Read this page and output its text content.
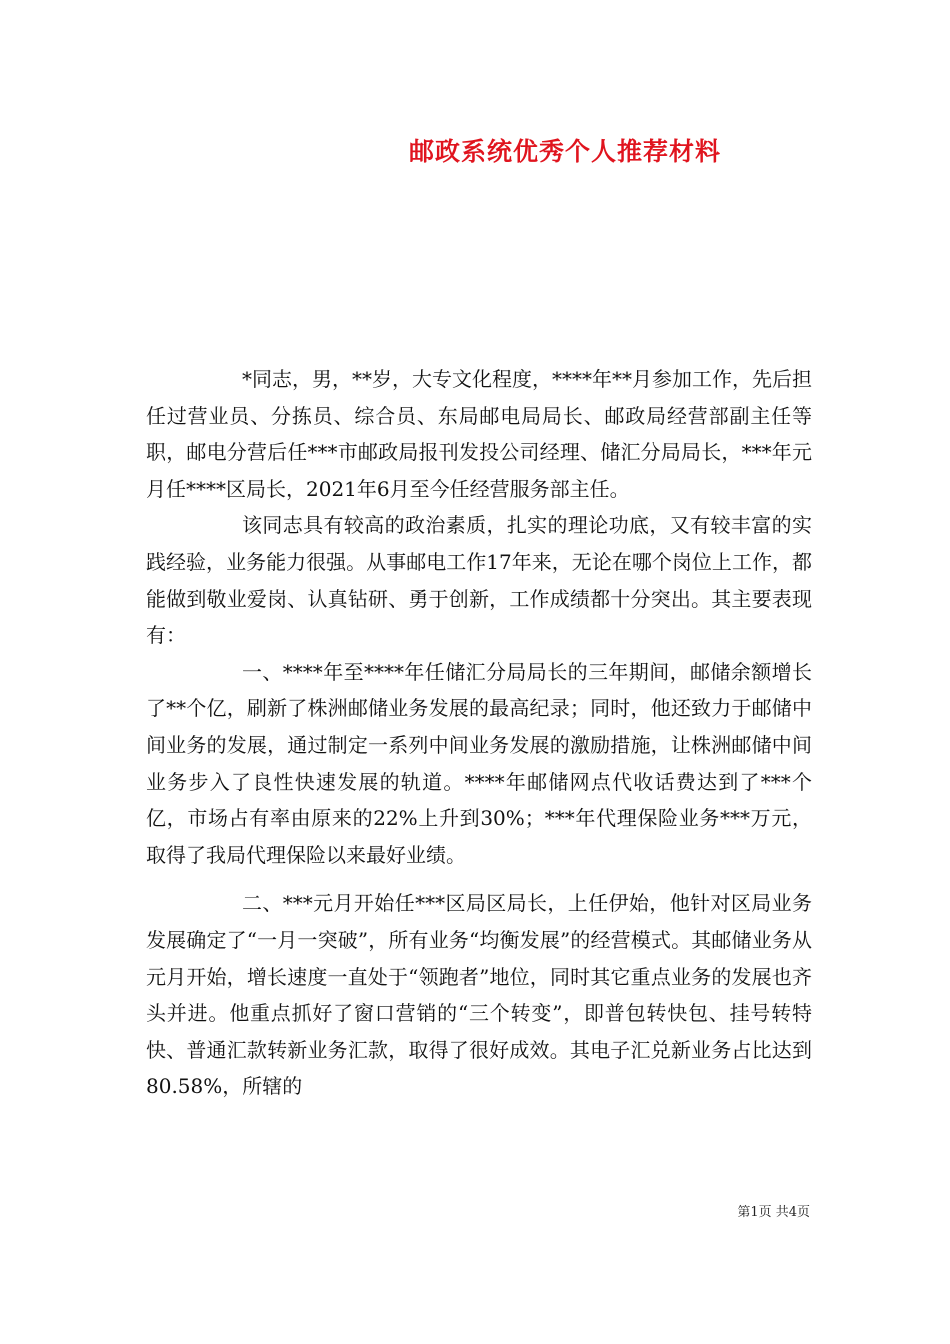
邮政系统优秀个人推荐材料

*同志，男，**岁，大专文化程度，****年**月参加工作，先后担任过营业员、分拣员、综合员、东局邮电局局长、邮政局经营部副主任等职，邮电分营后任***市邮政局报刊发投公司经理、储汇分局局长，***年元月任****区局长，2021年6月至今任经营服务部主任。

该同志具有较高的政治素质，扎实的理论功底，又有较丰富的实践经验，业务能力很强。从事邮电工作17年来，无论在哪个岗位上工作，都能做到敬业爱岗、认真钻研、勇于创新，工作成绩都十分突出。其主要表现有：

一、****年至****年任储汇分局局长的三年期间，邮储余额增长了**个亿，刷新了株洲邮储业务发展的最高纪录；同时，他还致力于邮储中间业务的发展，通过制定一系列中间业务发展的激励措施，让株洲邮储中间业务步入了良性快速发展的轨道。****年邮储网点代收话费达到了***个亿，市场占有率由原来的22%上升到30%；***年代理保险业务***万元，取得了我局代理保险以来最好业绩。

二、***元月开始任***区局区局长，上任伊始，他针对区局业务发展确定了“一月一突破”，所有业务“均衡发展”的经营模式。其邮储业务从元月开始，增长速度一直处于“领跑者”地位，同时其它重点业务的发展也齐头并进。他重点抓好了窗口营销的“三个转变”，即普包转快包、挂号转特快、普通汇款转新业务汇款，取得了很好成效。其电子汇兑新业务占比达到80.58%，所辖的

第1页 共4页
